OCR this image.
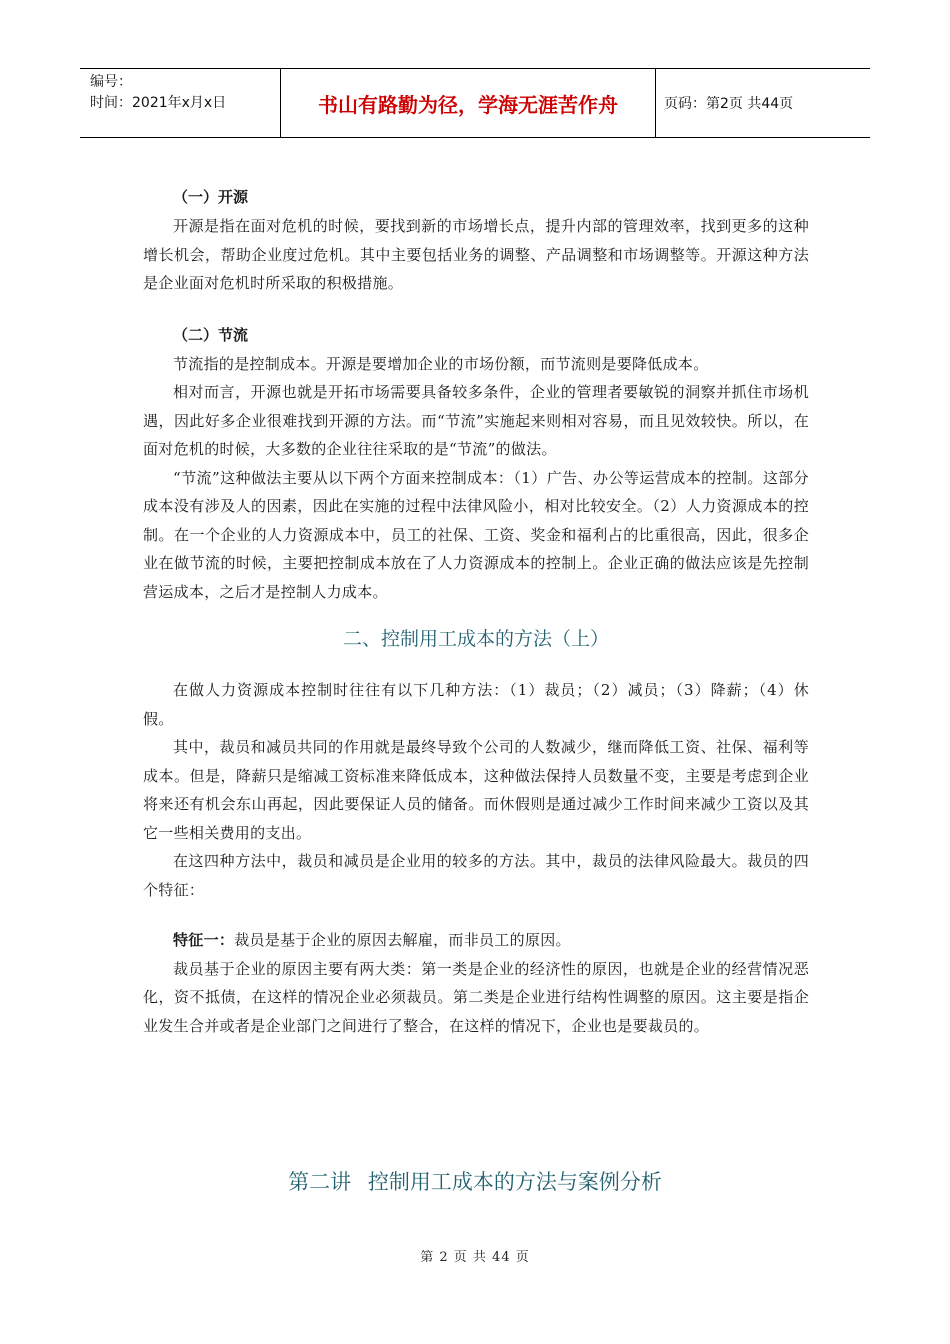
编号：
时间：2021年x月x日	书山有路勤为径，学海无涯苦作舟	页码：第2页 共44页
（一）开源

开源是指在面对危机的时候，要找到新的市场增长点，提升内部的管理效率，找到更多的这种增长机会，帮助企业度过危机。其中主要包括业务的调整、产品调整和市场调整等。开源这种方法是企业面对危机时所采取的积极措施。

（二）节流

节流指的是控制成本。开源是要增加企业的市场份额，而节流则是要降低成本。

相对而言，开源也就是开拓市场需要具备较多条件，企业的管理者要敏锐的洞察并抓住市场机遇，因此好多企业很难找到开源的方法。而“节流”实施起来则相对容易，而且见效较快。所以，在面对危机的时候，大多数的企业往往采取的是“节流”的做法。

“节流”这种做法主要从以下两个方面来控制成本：（1）广告、办公等运营成本的控制。这部分成本没有涉及人的因素，因此在实施的过程中法律风险小，相对比较安全。（2）人力资源成本的控制。在一个企业的人力资源成本中，员工的社保、工资、奖金和福利占的比重很高，因此，很多企业在做节流的时候，主要把控制成本放在了人力资源成本的控制上。企业正确的做法应该是先控制营运成本，之后才是控制人力成本。

二、控制用工成本的方法（上）

在做人力资源成本控制时往往有以下几种方法：（1）裁员；（2）减员；（3）降薪；（4）休假。

其中，裁员和减员共同的作用就是最终导致个公司的人数减少，继而降低工资、社保、福利等成本。但是，降薪只是缩减工资标准来降低成本，这种做法保持人员数量不变，主要是考虑到企业将来还有机会东山再起，因此要保证人员的储备。而休假则是通过减少工作时间来减少工资以及其它一些相关费用的支出。

在这四种方法中，裁员和减员是企业用的较多的方法。其中，裁员的法律风险最大。裁员的四个特征：

特征一：裁员是基于企业的原因去解雇，而非员工的原因。

裁员基于企业的原因主要有两大类：第一类是企业的经济性的原因，也就是企业的经营情况恶化，资不抵债，在这样的情况企业必须裁员。第二类是企业进行结构性调整的原因。这主要是指企业发生合并或者是企业部门之间进行了整合，在这样的情况下，企业也是要裁员的。

第二讲 控制用工成本的方法与案例分析
第 2 页 共 44 页
